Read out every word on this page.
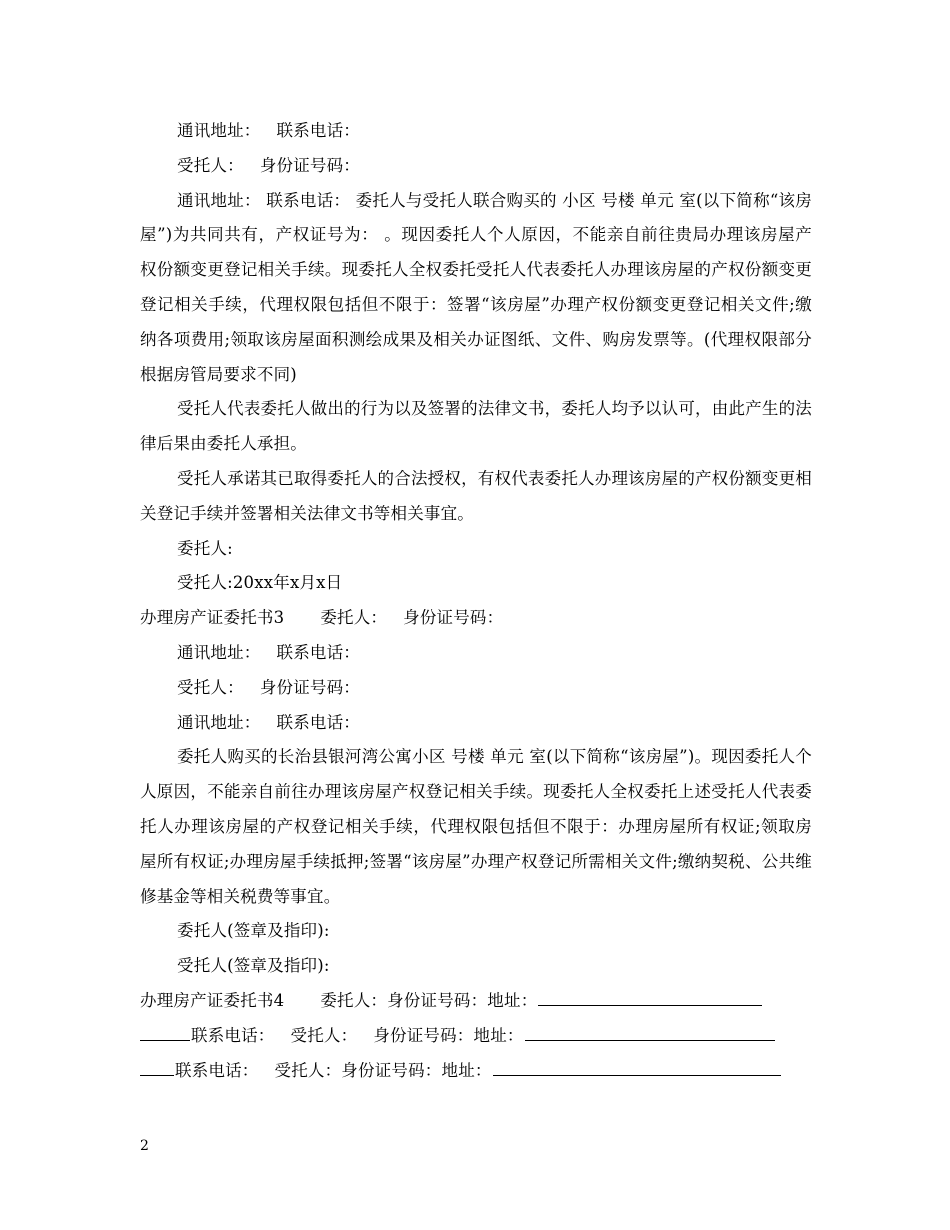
通讯地址： 联系电话：
受托人： 身份证号码：

通讯地址： 联系电话： 委托人与受托人联合购买的 小区 号楼 单元 室(以下简称“该房屋”)为共同共有，产权证号为： 。现因委托人个人原因，不能亲自前往贵局办理该房屋产权份额变更登记相关手续。现委托人全权委托受托人代表委托人办理该房屋的产权份额变更登记相关手续，代理权限包括但不限于：签署“该房屋”办理产权份额变更登记相关文件;缴纳各项费用;领取该房屋面积测绘成果及相关办证图纸、文件、购房发票等。(代理权限部分根据房管局要求不同)

受托人代表委托人做出的行为以及签署的法律文书，委托人均予以认可，由此产生的法律后果由委托人承担。

受托人承诺其已取得委托人的合法授权，有权代表委托人办理该房屋的产权份额变更相关登记手续并签署相关法律文书等相关事宜。

委托人:
受托人:20xx年x月x日
办理房产证委托书3 委托人： 身份证号码：
通讯地址： 联系电话：
受托人： 身份证号码：
通讯地址： 联系电话：

委托人购买的长治县银河湾公寓小区 号楼 单元 室(以下简称“该房屋”)。现因委托人个人原因，不能亲自前往办理该房屋产权登记相关手续。现委托人全权委托上述受托人代表委托人办理该房屋的产权登记相关手续，代理权限包括但不限于：办理房屋所有权证;领取房屋所有权证;办理房屋手续抵押;签署“该房屋”办理产权登记所需相关文件;缴纳契税、公共维修基金等相关税费等事宜。

委托人(签章及指印):
受托人(签章及指印):
办理房产证委托书4 委托人：身份证号码：地址：
联系电话： 受托人： 身份证号码：地址：
联系电话： 受托人：身份证号码：地址：
2
